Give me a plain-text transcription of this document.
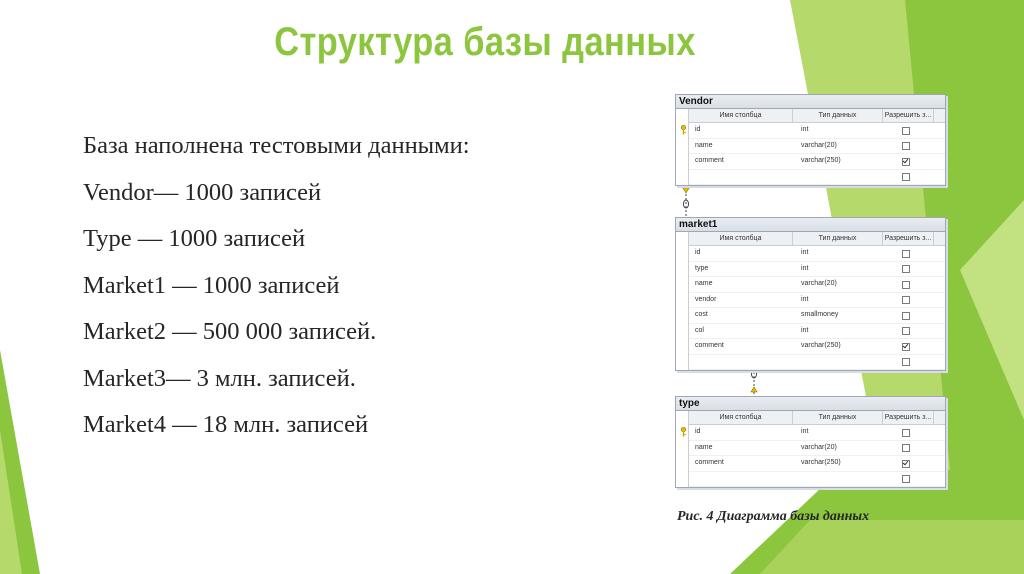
Структура базы данных
База наполнена тестовыми данными:
Vendor— 1000 записей
Type — 1000 записей
Market1 — 1000 записей
Market2 — 500 000 записей.
Market3— 3 млн. записей.
Market4 — 18 млн. записей
Vendor
Имя столбца	Тип данных	Разрешить з...
id	int
name	varchar(20)
comment	varchar(250)
market1
Имя столбца	Тип данных	Разрешить з...
id	int
type	int
name	varchar(20)
vendor	int
cost	smallmoney
col	int
comment	varchar(250)
type
Имя столбца	Тип данных	Разрешить з...
id	int
name	varchar(20)
comment	varchar(250)
Рис. 4 Диаграмма базы данных
